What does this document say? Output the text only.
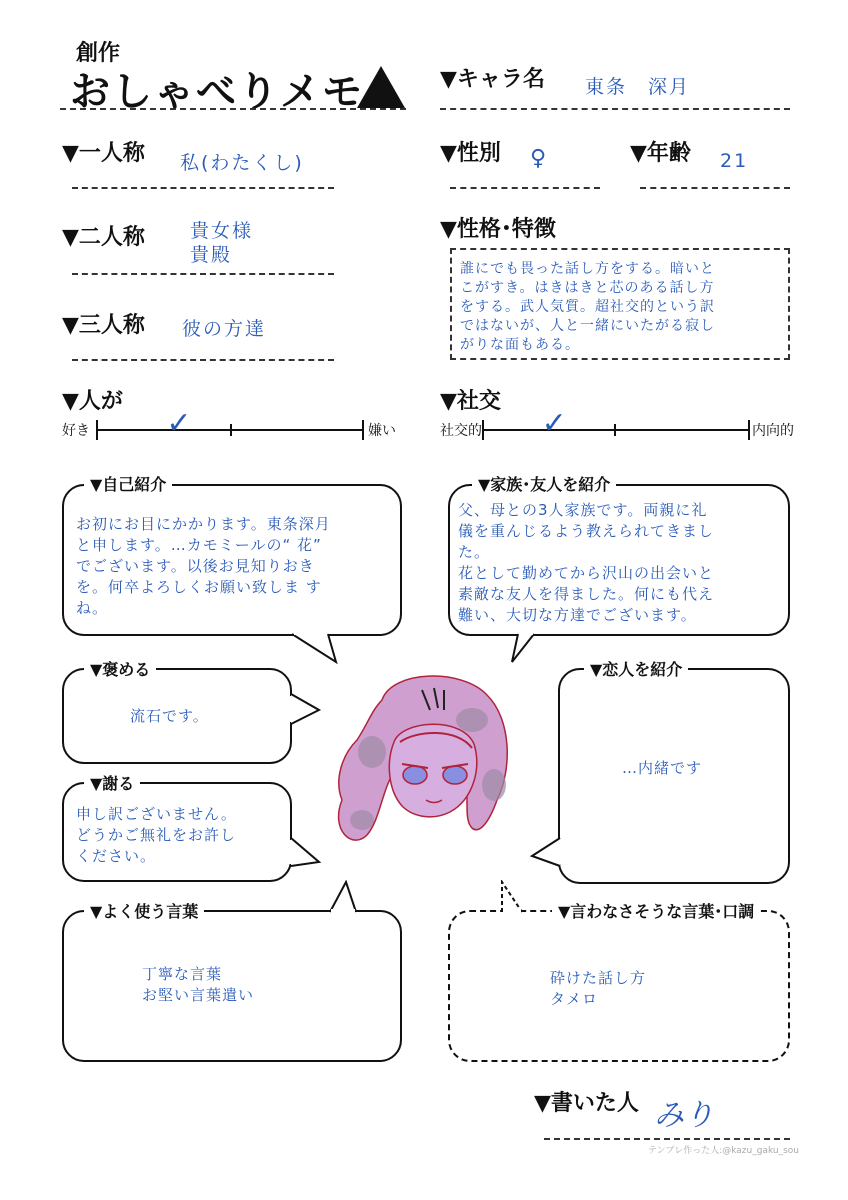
創作
おしゃべりメモ	▼キャラ名 東条　深月
▼一人称 私(わたくし)	▼性別 ♀	▼年齢 21
▼二人称 貴女様
貴殿
▼性格･特徴
誰にでも畏った話し方をする。暗いと
こがすき。はきはきと芯のある話し方
をする。武人気質。超社交的という訳
ではないが、人と一緒にいたがる寂し
がりな面もある。
▼三人称 彼の方達
▼人が
好き	嫌い
✓
▼社交
社交的	内向的
✓
▼自己紹介
お初にお目にかかります。東条深月
と申します。…カモミールの“ 花”
でございます。以後お見知りおき
を。何卒よろしくお願い致しま す
ね。
▼家族･友人を紹介
父、母との3人家族です。両親に礼
儀を重んじるよう教えられてきまし
た。
花として勤めてから沢山の出会いと
素敵な友人を得ました。何にも代え
難い、大切な方達でございます。
▼褒める
流石です。
▼恋人を紹介
…内緒です
▼謝る
申し訳ございません。
どうかご無礼をお許し
ください。
▼よく使う言葉
丁寧な言葉
お堅い言葉遣い
▼言わなさそうな言葉･口調
砕けた話し方
タメロ
▼書いた人 みり
テンプレ作った人:@kazu_gaku_sou
